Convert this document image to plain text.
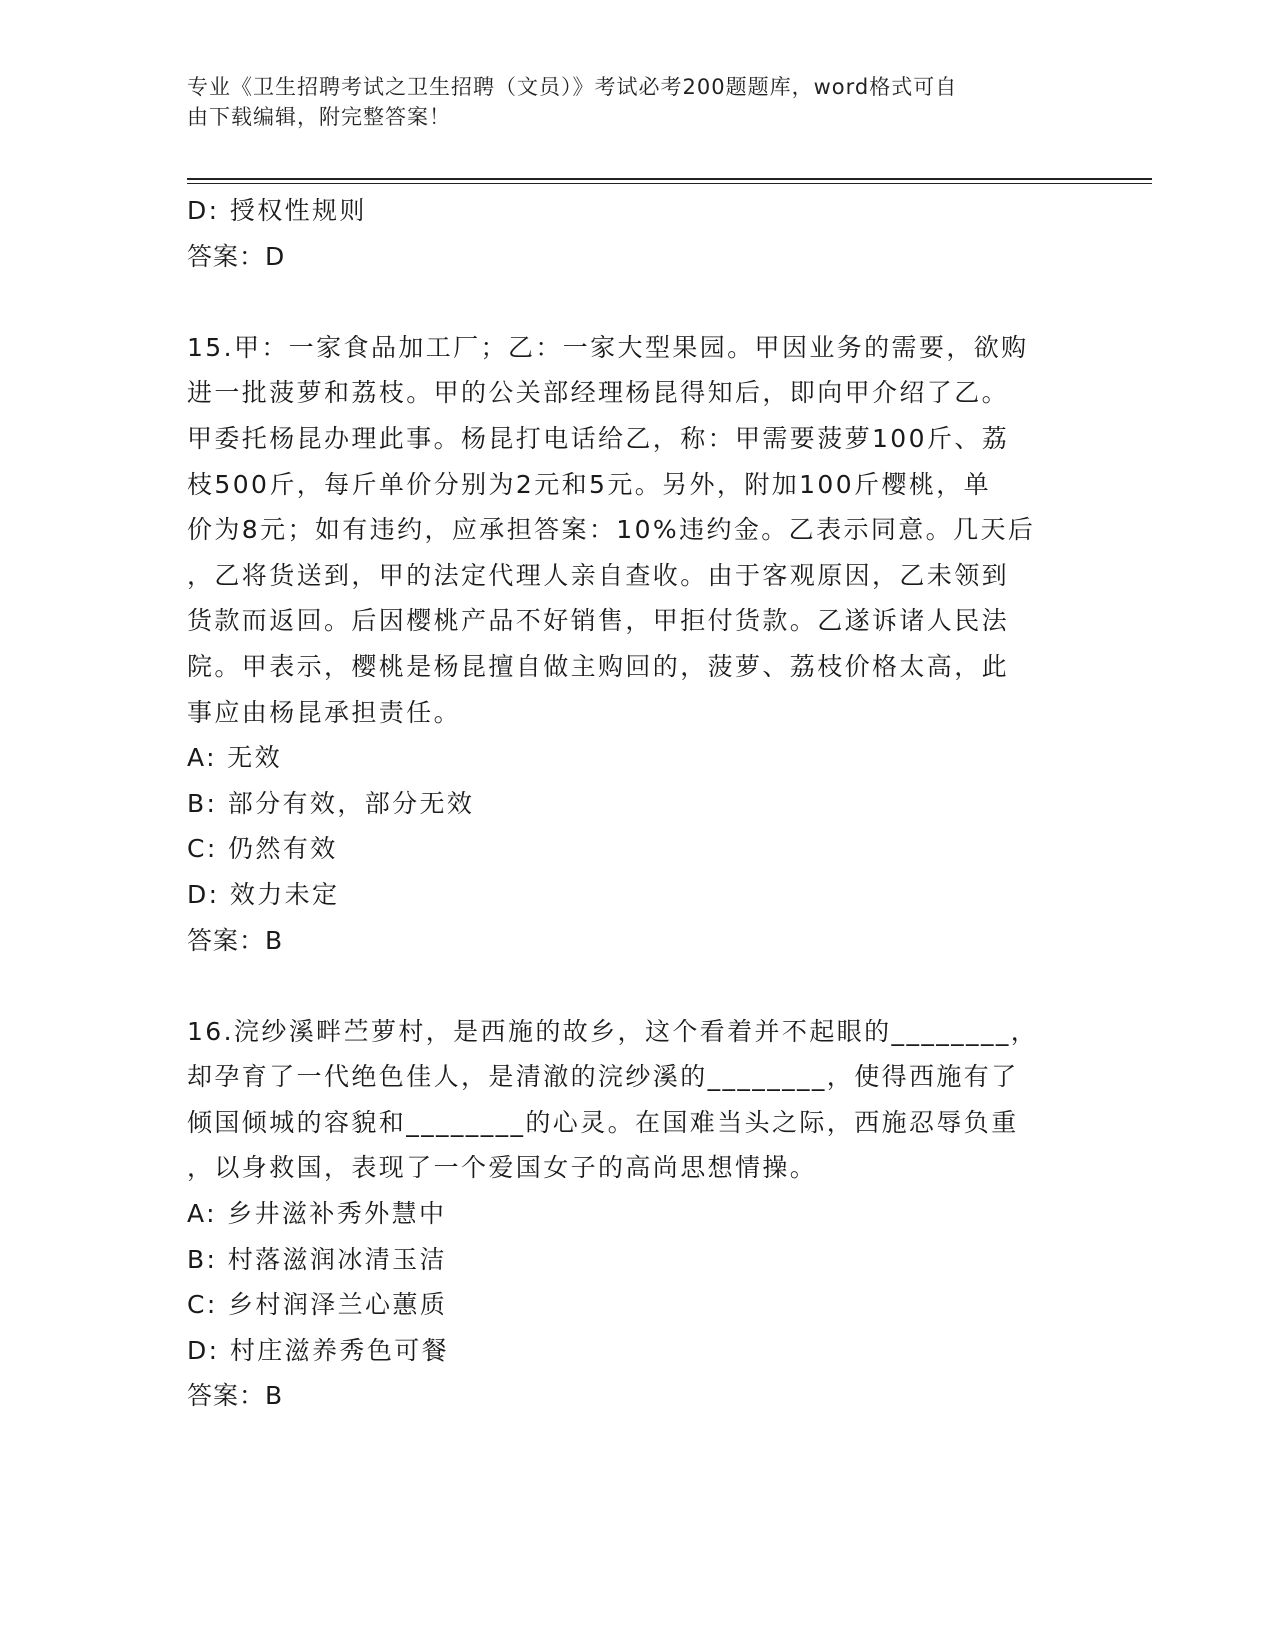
专业《卫生招聘考试之卫生招聘（文员）》考试必考200题题库，word格式可自
由下载编辑，附完整答案！
D: 授权性规则
答案：D
15.甲：一家食品加工厂；乙：一家大型果园。甲因业务的需要，欲购
进一批菠萝和荔枝。甲的公关部经理杨昆得知后，即向甲介绍了乙。
甲委托杨昆办理此事。杨昆打电话给乙，称：甲需要菠萝100斤、荔
枝500斤，每斤单价分别为2元和5元。另外，附加100斤樱桃，单
价为8元；如有违约，应承担答案：10%违约金。乙表示同意。几天后
，乙将货送到，甲的法定代理人亲自查收。由于客观原因，乙未领到
货款而返回。后因樱桃产品不好销售，甲拒付货款。乙遂诉诸人民法
院。甲表示，樱桃是杨昆擅自做主购回的，菠萝、荔枝价格太高，此
事应由杨昆承担责任。
A: 无效
B: 部分有效，部分无效
C: 仍然有效
D: 效力未定
答案：B
16.浣纱溪畔苎萝村，是西施的故乡，这个看着并不起眼的________，
却孕育了一代绝色佳人，是清澈的浣纱溪的________，使得西施有了
倾国倾城的容貌和________的心灵。在国难当头之际，西施忍辱负重
，以身救国，表现了一个爱国女子的高尚思想情操。
A: 乡井滋补秀外慧中
B: 村落滋润冰清玉洁
C: 乡村润泽兰心蕙质
D: 村庄滋养秀色可餐
答案：B
